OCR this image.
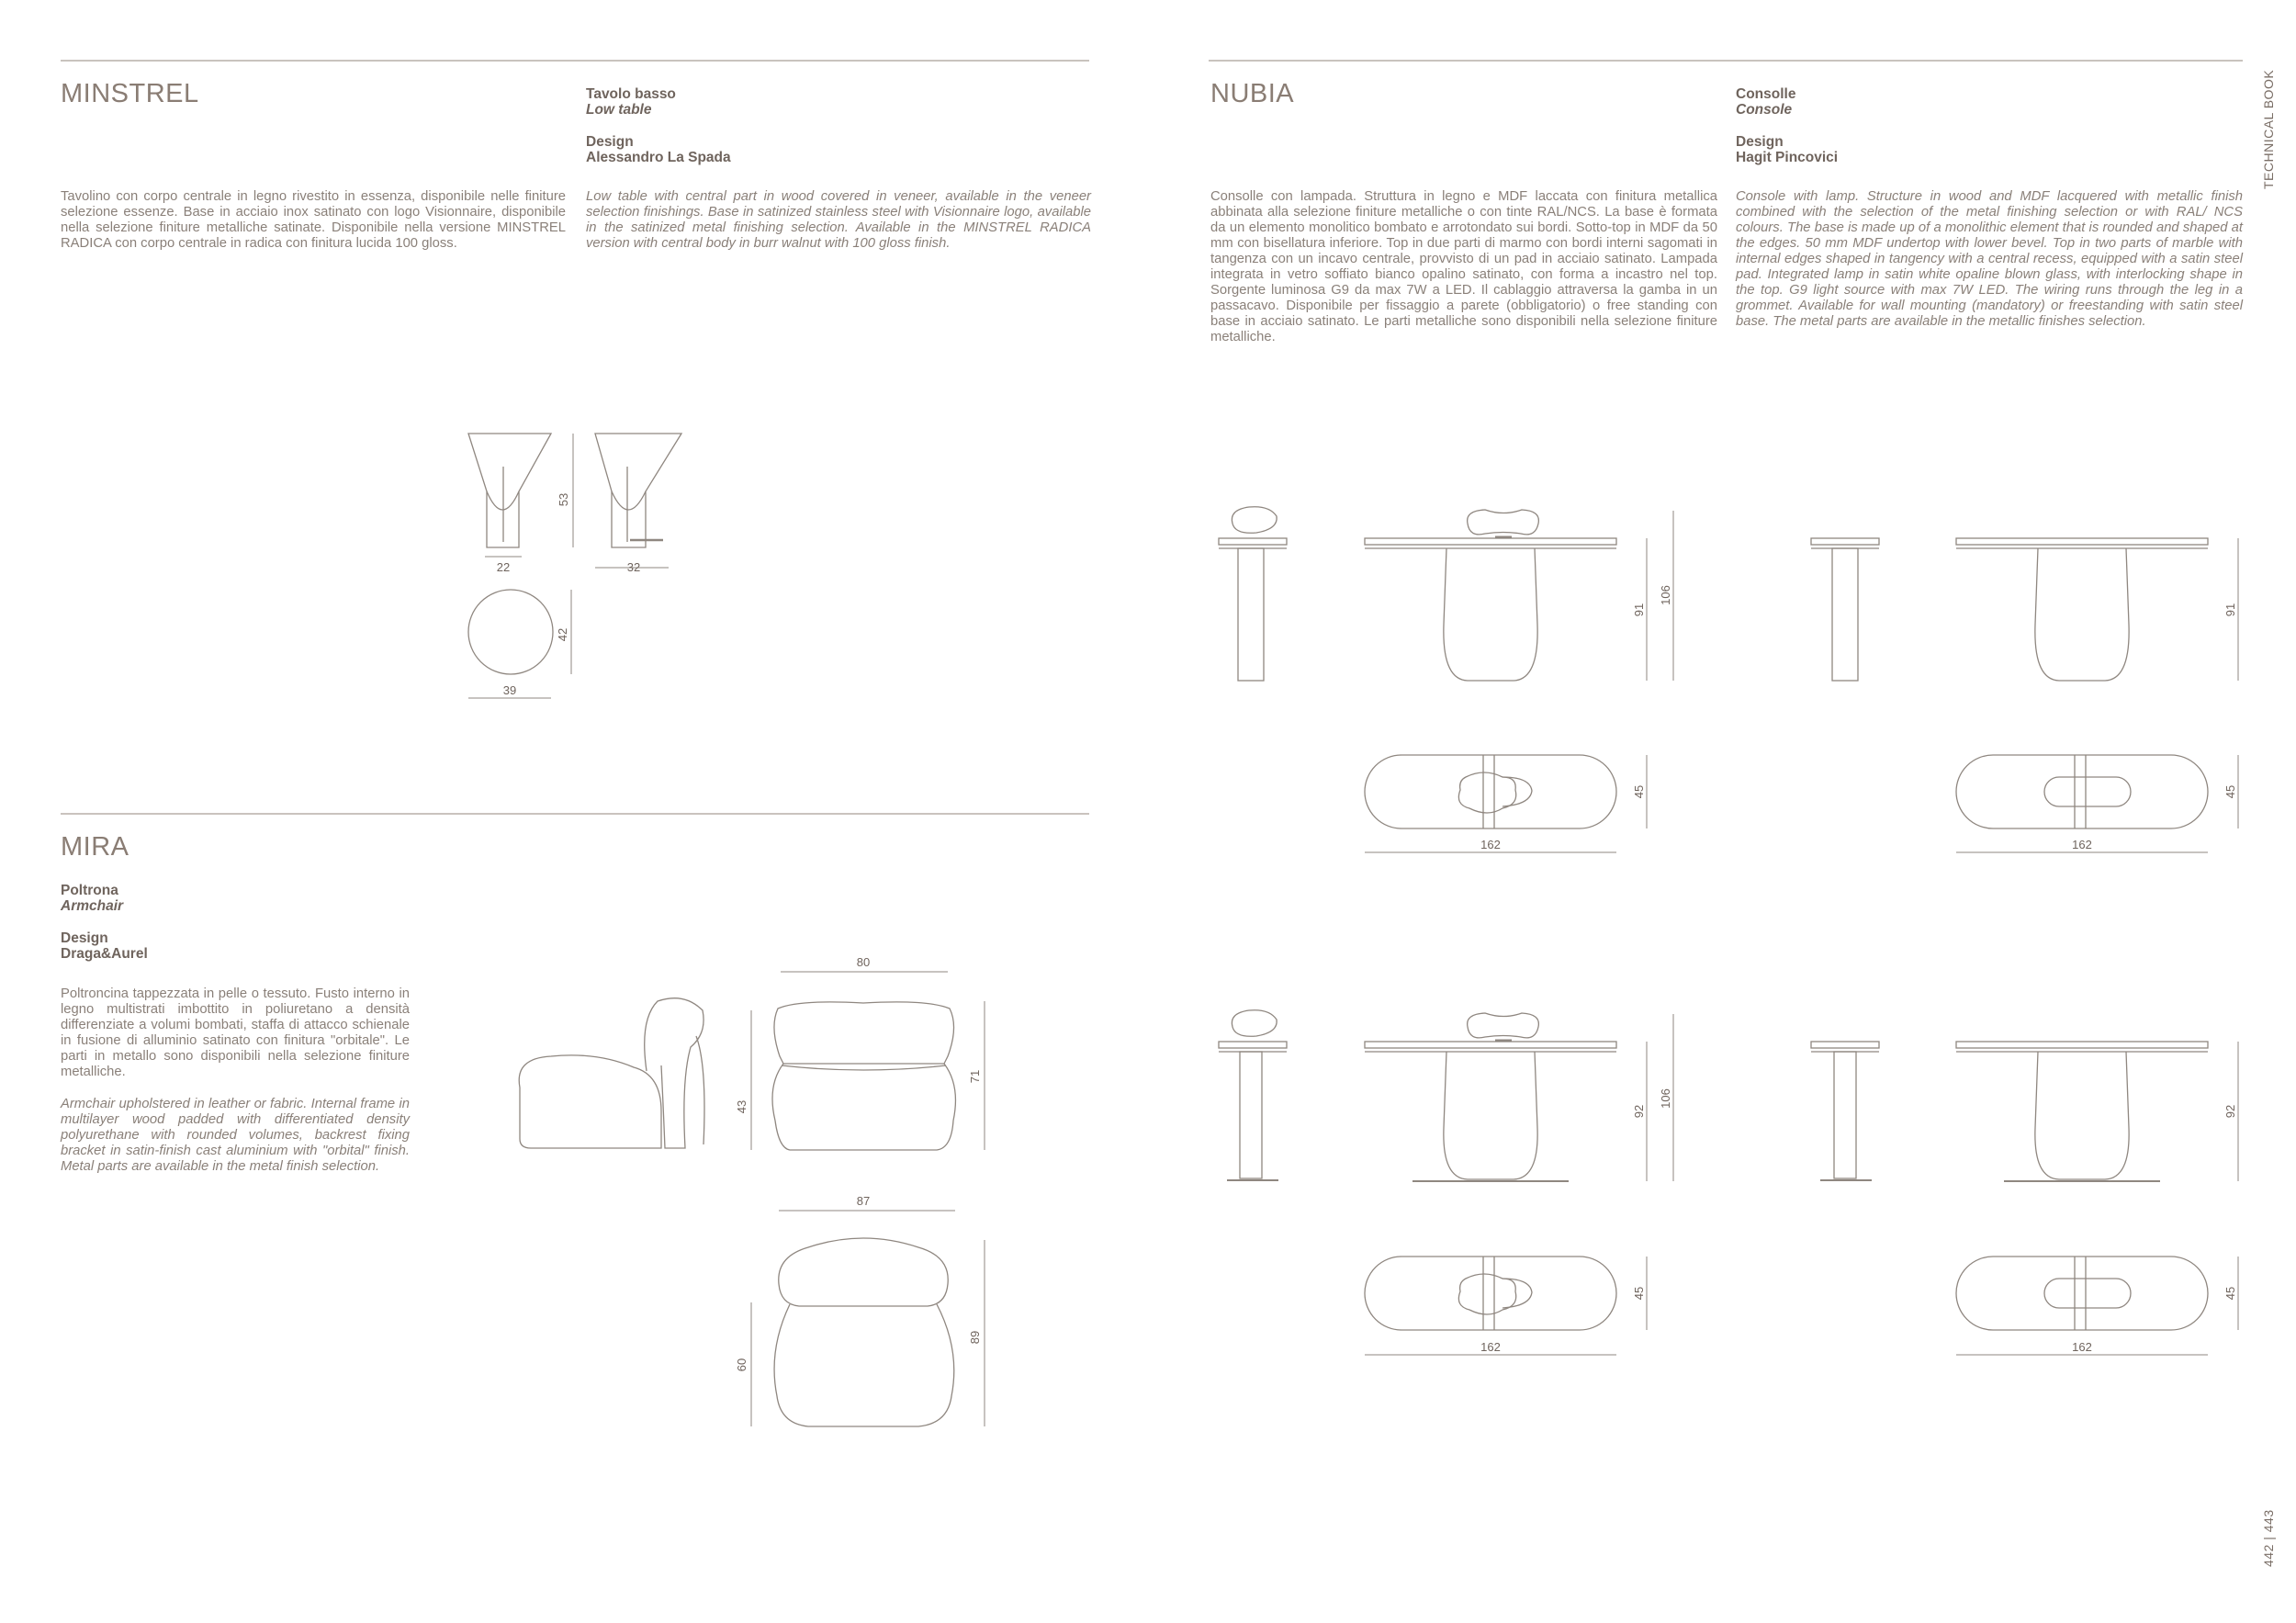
TECHNICAL BOOK
442 | 443
MINSTREL	Tavolo basso
Low table
Design
Alessandro La Spada
Tavolino con corpo centrale in legno rivestito in essenza, disponibile nelle finiture selezione essenze. Base in acciaio inox satinato con logo Visionnaire, disponibile nella selezione finiture metalliche satinate. Disponibile nella versione MINSTREL RADICA con corpo centrale in radica con finitura lucida 100 gloss.
Low table with central part in wood covered in veneer, available in the veneer selection finishings. Base in satinized stainless steel with Visionnaire logo, available in the satinized metal finishing selection. Available in the MINSTREL RADICA version with central body in burr walnut with 100 gloss finish.
MIRA
Poltrona
Armchair
Design
Draga&Aurel
Poltroncina tappezzata in pelle o tessuto. Fusto interno in legno multistrati imbottito in poliuretano a densità differenziate a volumi bombati, staffa di attacco schienale in fusione di alluminio satinato con finitura "orbitale". Le parti in metallo sono disponibili nella selezione finiture metalliche.
Armchair upholstered in leather or fabric. Internal frame in multilayer wood padded with differentiated density polyurethane with rounded volumes, backrest fixing bracket in satin-finish cast aluminium with "orbital" finish. Metal parts are available in the metal finish selection.
NUBIA	Consolle
Console
Design
Hagit Pincovici
Consolle con lampada. Struttura in legno e MDF laccata con finitura metallica abbinata alla selezione finiture metalliche o con tinte RAL/NCS. La base è formata da un elemento monolitico bombato e arrotondato sui bordi. Sotto-top in MDF da 50 mm con bisellatura inferiore. Top in due parti di marmo con bordi interni sagomati in tangenza con un incavo centrale, provvisto di un pad in acciaio satinato. Lampada integrata in vetro soffiato bianco opalino satinato, con forma a incastro nel top. Sorgente luminosa G9 da max 7W a LED. Il cablaggio attraversa la gamba in un passacavo. Disponibile per fissaggio a parete (obbligatorio) o free standing con base in acciaio satinato. Le parti metalliche sono disponibili nella selezione finiture metalliche.
Console with lamp. Structure in wood and MDF lacquered with metallic finish combined with the selection of the metal finishing selection or with RAL/ NCS colours. The base is made up of a monolithic element that is rounded and shaped at the edges. 50 mm MDF undertop with lower bevel. Top in two parts of marble with internal edges shaped in tangency with a central recess, equipped with a satin steel pad. Integrated lamp in satin white opaline blown glass, with interlocking shape in the top. G9 light source with max 7W LED. The wiring runs through the leg in a grommet. Available for wall mounting (mandatory) or freestanding with satin steel base. The metal parts are available in the metallic finishes selection.
53
22	32
42
39
80
43
71
87
60
89
91
106
45
162
91
45
162
92
106
45
162
92
45
162
